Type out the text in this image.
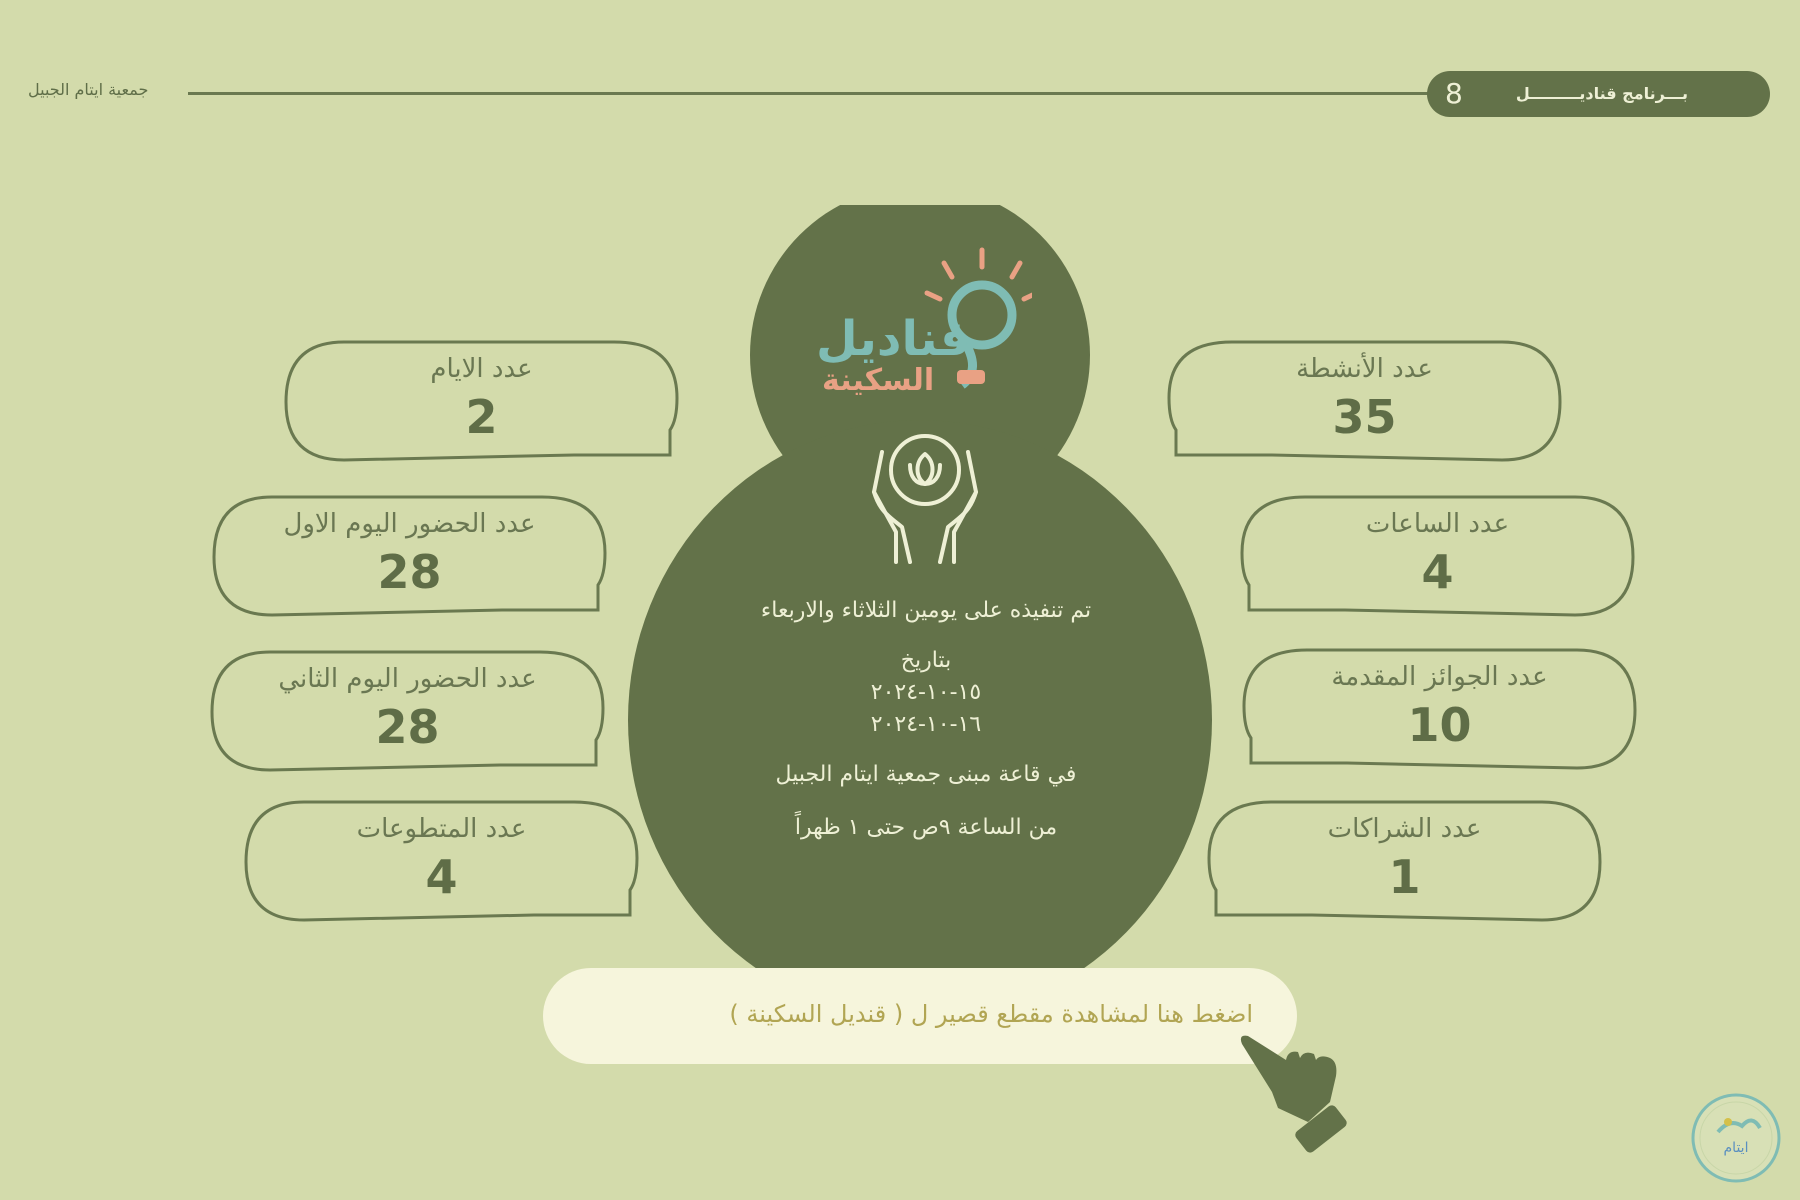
جمعية ايتام الجبيل	8	بـــرنامج قناديـــــــــل
قناديل
السكينة
تم تنفيذه على يومين الثلاثاء والاربعاء
بتاريخ
١٥-١٠-٢٠٢٤
١٦-١٠-٢٠٢٤
في قاعة مبنى جمعية ايتام الجبيل
من الساعة ٩ص حتى ١ ظهراً
عدد الايام
2
عدد الحضور اليوم الاول
28
عدد الحضور اليوم الثاني
28
عدد المتطوعات
4
عدد الأنشطة
35
عدد الساعات
4
عدد الجوائز المقدمة
10
عدد الشراكات
1
اضغط هنا لمشاهدة مقطع قصير ل ( قنديل السكينة )
ايتام
